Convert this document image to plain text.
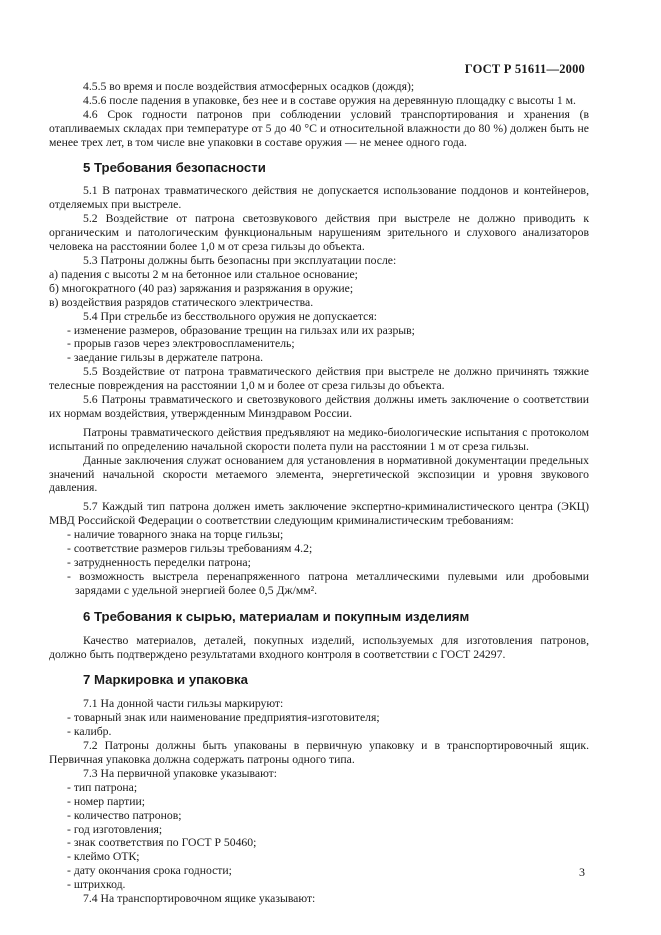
ГОСТ Р 51611—2000

4.5.5 во время и после воздействия атмосферных осадков (дождя);

4.5.6 после падения в упаковке, без нее и в составе оружия на деревянную площадку с высоты 1 м.

4.6 Срок годности патронов при соблюдении условий транспортирования и хранения (в отапливаемых складах при температуре от 5 до 40 °С и относительной влажности до 80 %) должен быть не менее трех лет, в том числе вне упаковки в составе оружия — не менее одного года.

5 Требования безопасности

5.1 В патронах травматического действия не допускается использование поддонов и контейнеров, отделяемых при выстреле.

5.2 Воздействие от патрона светозвукового действия при выстреле не должно приводить к органическим и патологическим функциональным нарушениям зрительного и слухового анализаторов человека на расстоянии более 1,0 м от среза гильзы до объекта.

5.3 Патроны должны быть безопасны при эксплуатации после:

а) падения с высоты 2 м на бетонное или стальное основание;

б) многократного (40 раз) заряжания и разряжания в оружие;

в) воздействия разрядов статического электричества.

5.4 При стрельбе из бесствольного оружия не допускается:

- изменение размеров, образование трещин на гильзах или их разрыв;

- прорыв газов через электровоспламенитель;

- заедание гильзы в держателе патрона.

5.5 Воздействие от патрона травматического действия при выстреле не должно причинять тяжкие телесные повреждения на расстоянии 1,0 м и более от среза гильзы до объекта.

5.6 Патроны травматического и светозвукового действия должны иметь заключение о соответствии их нормам воздействия, утвержденным Минздравом России.

Патроны травматического действия предъявляют на медико-биологические испытания с протоколом испытаний по определению начальной скорости полета пули на расстоянии 1 м от среза гильзы.

Данные заключения служат основанием для установления в нормативной документации предельных значений начальной скорости метаемого элемента, энергетической экспозиции и уровня звукового давления.

5.7 Каждый тип патрона должен иметь заключение экспертно-криминалистического центра (ЭКЦ) МВД Российской Федерации о соответствии следующим криминалистическим требованиям:

- наличие товарного знака на торце гильзы;

- соответствие размеров гильзы требованиям 4.2;

- затрудненность переделки патрона;

- возможность выстрела перенапряженного патрона металлическими пулевыми или дробовыми зарядами с удельной энергией более 0,5 Дж/мм².

6 Требования к сырью, материалам и покупным изделиям

Качество материалов, деталей, покупных изделий, используемых для изготовления патронов, должно быть подтверждено результатами входного контроля в соответствии с ГОСТ 24297.

7 Маркировка и упаковка

7.1 На донной части гильзы маркируют:

- товарный знак или наименование предприятия-изготовителя;

- калибр.

7.2 Патроны должны быть упакованы в первичную упаковку и в транспортировочный ящик. Первичная упаковка должна содержать патроны одного типа.

7.3 На первичной упаковке указывают:

- тип патрона;

- номер партии;

- количество патронов;

- год изготовления;

- знак соответствия по ГОСТ Р 50460;

- клеймо ОТК;

- дату окончания срока годности;

- штрихкод.

7.4 На транспортировочном ящике указывают:

3
